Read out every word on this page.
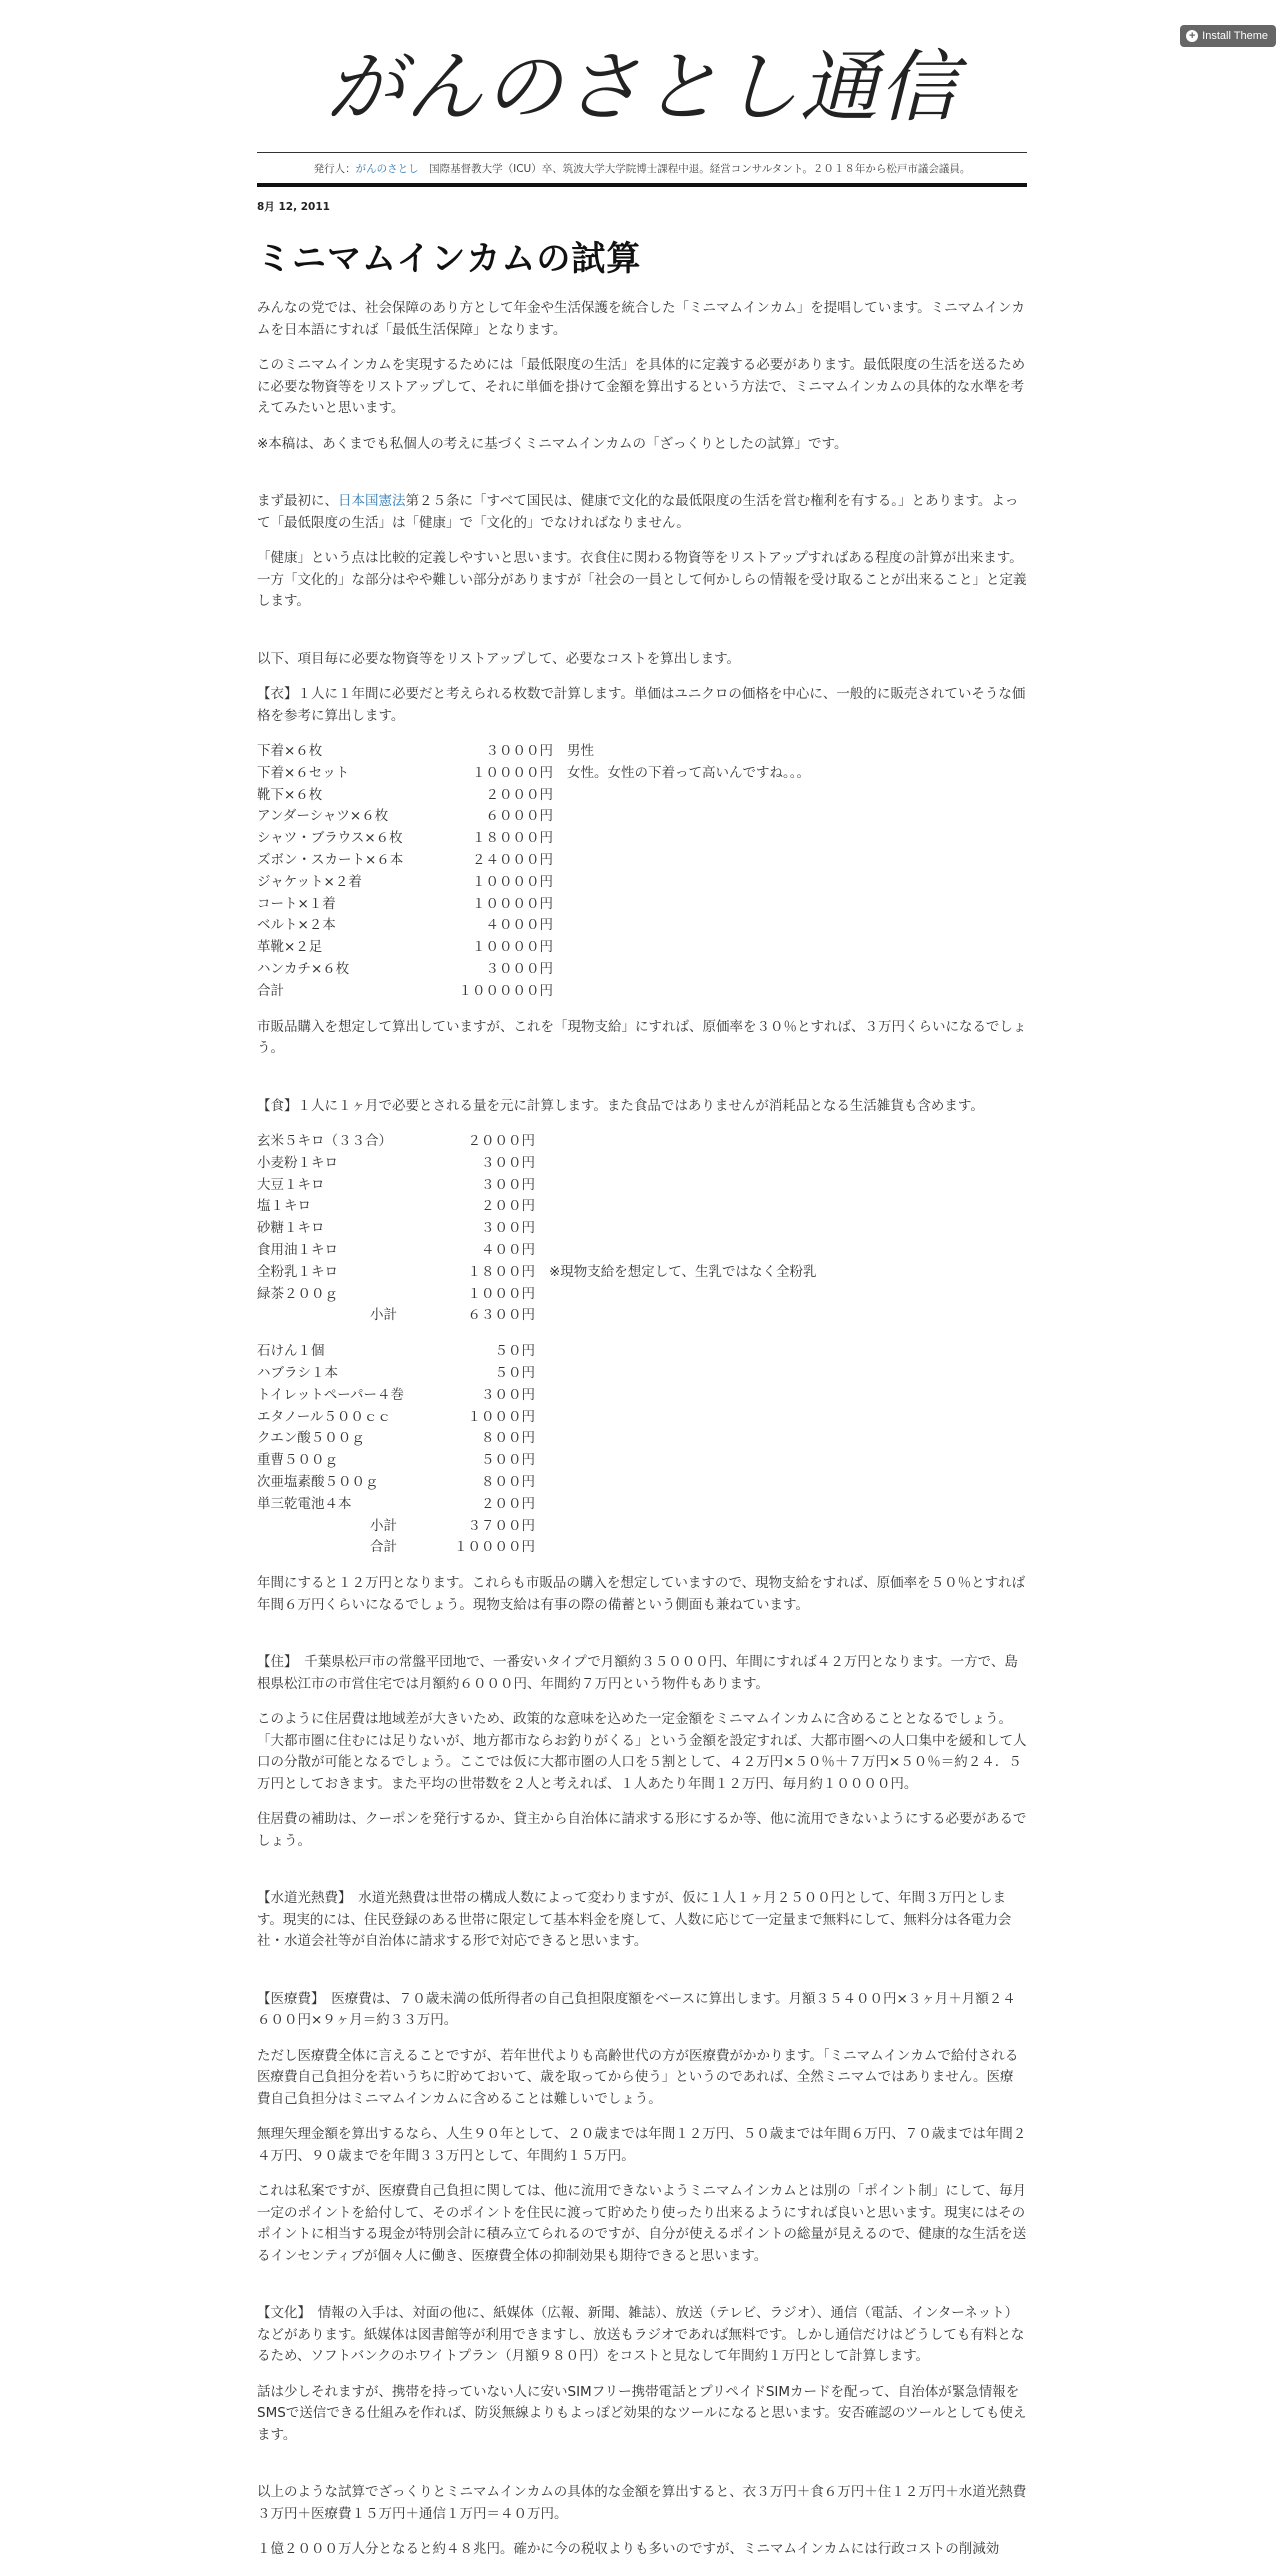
+ Install Theme
がんのさとし通信
発行人：がんのさとし　国際基督教大学（ICU）卒、筑波大学大学院博士課程中退。経営コンサルタント。２０１８年から松戸市議会議員。
8月 12, 2011
ミニマムインカムの試算

みんなの党では、社会保障のあり方として年金や生活保護を統合した「ミニマムインカム」を提唱しています。ミニマムインカムを日本語にすれば「最低生活保障」となります。

このミニマムインカムを実現するためには「最低限度の生活」を具体的に定義する必要があります。最低限度の生活を送るために必要な物資等をリストアップして、それに単価を掛けて金額を算出するという方法で、ミニマムインカムの具体的な水準を考えてみたいと思います。

※本稿は、あくまでも私個人の考えに基づくミニマムインカムの「ざっくりとしたの試算」です。

まず最初に、日本国憲法第２５条に「すべて国民は、健康で文化的な最低限度の生活を営む権利を有する。」とあります。よって「最低限度の生活」は「健康」で「文化的」でなければなりません。

「健康」という点は比較的定義しやすいと思います。衣食住に関わる物資等をリストアップすればある程度の計算が出来ます。一方「文化的」な部分はやや難しい部分がありますが「社会の一員として何かしらの情報を受け取ることが出来ること」と定義します。

以下、項目毎に必要な物資等をリストアップして、必要なコストを算出します。

【衣】１人に１年間に必要だと考えられる枚数で計算します。単価はユニクロの価格を中心に、一般的に販売されていそうな価格を参考に算出します。

下着×６枚	３０００円	男性
下着×６セット	１００００円	女性。女性の下着って高いんですね。。。
靴下×６枚	２０００円	
アンダーシャツ×６枚	６０００円	
シャツ・ブラウス×６枚	１８０００円	
ズボン・スカート×６本	２４０００円	
ジャケット×２着	１００００円	
コート×１着	１００００円	
ベルト×２本	４０００円	
革靴×２足	１００００円	
ハンカチ×６枚	３０００円	
合計	１０００００円	

市販品購入を想定して算出していますが、これを「現物支給」にすれば、原価率を３０％とすれば、３万円くらいになるでしょう。

【食】１人に１ヶ月で必要とされる量を元に計算します。また食品ではありませんが消耗品となる生活雑貨も含めます。

玄米５キロ（３３合）	２０００円	
小麦粉１キロ	３００円	
大豆１キロ	３００円	
塩１キロ	２００円	
砂糖１キロ	３００円	
食用油１キロ	４００円	
全粉乳１キロ	１８００円	※現物支給を想定して、生乳ではなく全粉乳
緑茶２００ｇ	１０００円	
小計	６３００円	
石けん１個	５０円
ハブラシ１本	５０円
トイレットペーパー４巻	３００円
エタノール５００ｃｃ	１０００円
クエン酸５００ｇ	８００円
重曹５００ｇ	５００円
次亜塩素酸５００ｇ	８００円
単三乾電池４本	２００円
小計	３７００円
合計	１００００円

年間にすると１２万円となります。これらも市販品の購入を想定していますので、現物支給をすれば、原価率を５０％とすれば年間６万円くらいになるでしょう。現物支給は有事の際の備蓄という側面も兼ねています。

【住】　千葉県松戸市の常盤平団地で、一番安いタイプで月額約３５０００円、年間にすれば４２万円となります。一方で、島根県松江市の市営住宅では月額約６０００円、年間約７万円という物件もあります。

このように住居費は地域差が大きいため、政策的な意味を込めた一定金額をミニマムインカムに含めることとなるでしょう。「大都市圏に住むには足りないが、地方都市ならお釣りがくる」という金額を設定すれば、大都市圏への人口集中を緩和して人口の分散が可能となるでしょう。ここでは仮に大都市圏の人口を５割として、４２万円×５０％＋７万円×５０％＝約２４．５万円としておきます。また平均の世帯数を２人と考えれば、１人あたり年間１２万円、毎月約１００００円。

住居費の補助は、クーポンを発行するか、貸主から自治体に請求する形にするか等、他に流用できないようにする必要があるでしょう。

【水道光熱費】　水道光熱費は世帯の構成人数によって変わりますが、仮に１人１ヶ月２５００円として、年間３万円とします。現実的には、住民登録のある世帯に限定して基本料金を廃して、人数に応じて一定量まで無料にして、無料分は各電力会社・水道会社等が自治体に請求する形で対応できると思います。

【医療費】　医療費は、７０歳未満の低所得者の自己負担限度額をベースに算出します。月額３５４００円×３ヶ月＋月額２４６００円×９ヶ月＝約３３万円。

ただし医療費全体に言えることですが、若年世代よりも高齢世代の方が医療費がかかります。「ミニマムインカムで給付される医療費自己負担分を若いうちに貯めておいて、歳を取ってから使う」というのであれば、全然ミニマムではありません。医療費自己負担分はミニマムインカムに含めることは難しいでしょう。

無理矢理金額を算出するなら、人生９０年として、２０歳までは年間１２万円、５０歳までは年間６万円、７０歳までは年間２４万円、９０歳までを年間３３万円として、年間約１５万円。

これは私案ですが、医療費自己負担に関しては、他に流用できないようミニマムインカムとは別の「ポイント制」にして、毎月一定のポイントを給付して、そのポイントを住民に渡って貯めたり使ったり出来るようにすれば良いと思います。現実にはそのポイントに相当する現金が特別会計に積み立てられるのですが、自分が使えるポイントの総量が見えるので、健康的な生活を送るインセンティブが個々人に働き、医療費全体の抑制効果も期待できると思います。

【文化】　情報の入手は、対面の他に、紙媒体（広報、新聞、雑誌）、放送（テレビ、ラジオ）、通信（電話、インターネット）などがあります。紙媒体は図書館等が利用できますし、放送もラジオであれば無料です。しかし通信だけはどうしても有料となるため、ソフトバンクのホワイトプラン（月額９８０円）をコストと見なして年間約１万円として計算します。

話は少しそれますが、携帯を持っていない人に安いSIMフリー携帯電話とプリペイドSIMカードを配って、自治体が緊急情報をSMSで送信できる仕組みを作れば、防災無線よりもよっぽど効果的なツールになると思います。安否確認のツールとしても使えます。

以上のような試算でざっくりとミニマムインカムの具体的な金額を算出すると、衣３万円＋食６万円＋住１２万円＋水道光熱費３万円＋医療費１５万円＋通信１万円＝４０万円。

１億２０００万人分となると約４８兆円。確かに今の税収よりも多いのですが、ミニマムインカムには行政コストの削減効
